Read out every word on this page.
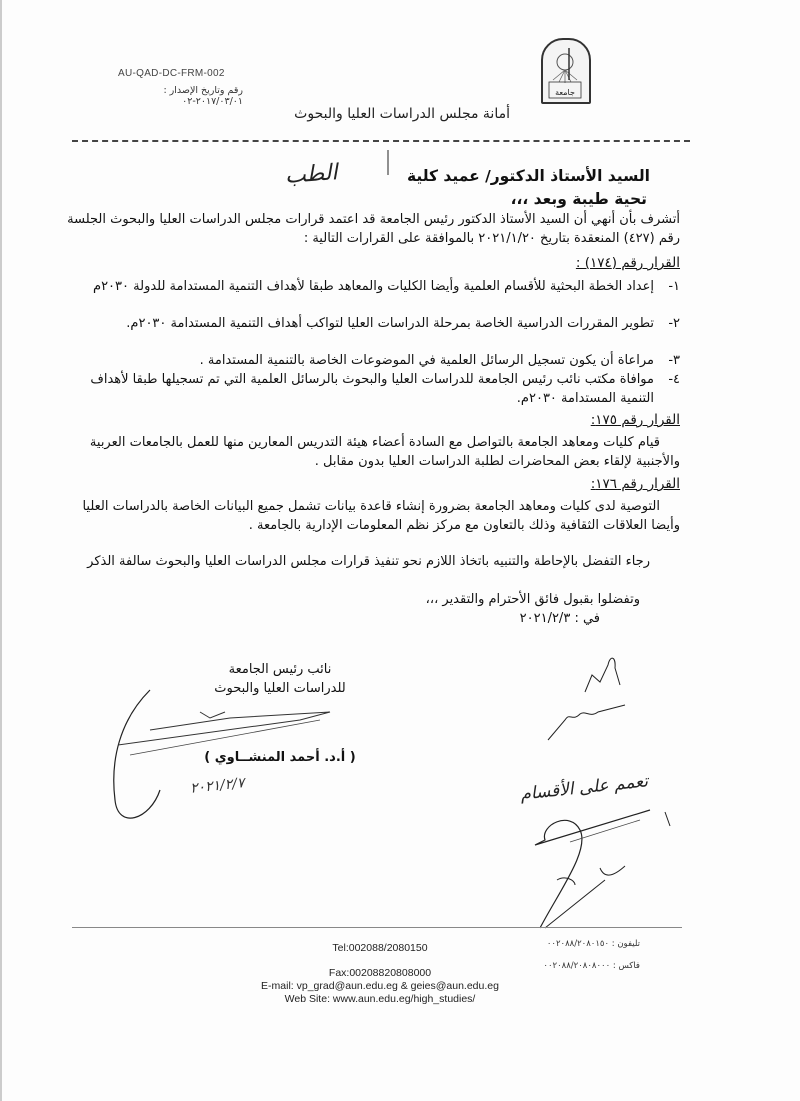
جامعة
AU-QAD-DC-FRM-002
رقم وتاريخ الإصدار : ٢٠١٧/٠٣/٠١-٠٢
أمانة مجلس الدراسات العليا والبحوث
السيد الأستاذ الدكتور/ عميد كلية
الطب
تحية طيبة وبعد ،،،
أتشرف بأن أنهي أن السيد الأستاذ الدكتور رئيس الجامعة قد اعتمد قرارات مجلس الدراسات العليا والبحوث الجلسة رقم (٤٢٧) المنعقدة بتاريخ ٢٠٢١/١/٢٠ بالموافقة على القرارات التالية :
القرار رقم (١٧٤) :
١-
إعداد الخطة البحثية للأقسام العلمية وأيضا الكليات والمعاهد طبقا لأهداف التنمية المستدامة للدولة ٢٠٣٠م
٢-
تطوير المقررات الدراسية الخاصة بمرحلة الدراسات العليا لتواكب أهداف التنمية المستدامة ٢٠٣٠م.
٣-
مراعاة أن يكون تسجيل الرسائل العلمية في الموضوعات الخاصة بالتنمية المستدامة .
٤-
موافاة مكتب نائب رئيس الجامعة للدراسات العليا والبحوث بالرسائل العلمية التي تم تسجيلها طبقا لأهداف التنمية المستدامة ٢٠٣٠م.
القرار رقم ١٧٥:
قيام كليات ومعاهد الجامعة بالتواصل مع السادة أعضاء هيئة التدريس المعارين منها للعمل بالجامعات العربية والأجنبية لإلقاء بعض المحاضرات لطلبة الدراسات العليا بدون مقابل .
القرار رقم ١٧٦:
التوصية لدى كليات ومعاهد الجامعة بضرورة إنشاء قاعدة بيانات تشمل جميع البيانات الخاصة بالدراسات العليا وأيضا العلاقات الثقافية وذلك بالتعاون مع مركز نظم المعلومات الإدارية بالجامعة .
رجاء التفضل بالإحاطة والتنبيه باتخاذ اللازم نحو تنفيذ قرارات مجلس الدراسات العليا والبحوث سالفة الذكر
وتفضلوا بقبول فائق الأحترام والتقدير ،،،
في : ٢٠٢١/٢/٣
نائب رئيس الجامعة
للدراسات العليا والبحوث
( أ.د. أحمد المنشــاوي )
٢٠٢١/٢/٧	تعمم على الأقسام
Tel:002088/2080150
Fax:00208820808000
E-mail: vp_grad@aun.edu.eg & geies@aun.edu.eg
Web Site: www.aun.edu.eg/high_studies/
تليفون : ٠٠٢٠٨٨/٢٠٨٠١٥٠
فاكس : ٠٠٢٠٨٨/٢٠٨٠٨٠٠٠
